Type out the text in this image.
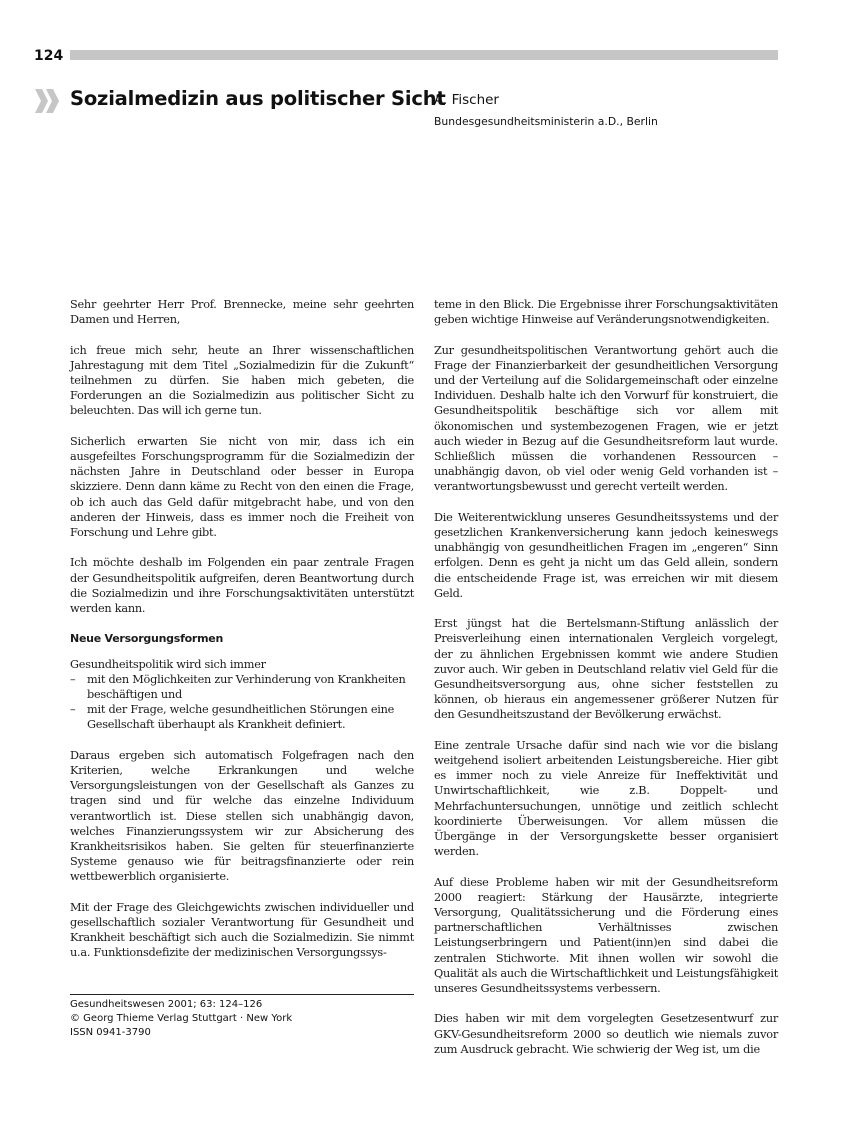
124
Sozialmedizin aus politischer Sicht
A. Fischer
Bundesgesundheitsministerin a.D., Berlin

Sehr geehrter Herr Prof. Brennecke, meine sehr geehrten Damen und Herren,

ich freue mich sehr, heute an Ihrer wissenschaftlichen Jahrestagung mit dem Titel „Sozialmedizin für die Zukunft“ teilnehmen zu dürfen. Sie haben mich gebeten, die Forderungen an die Sozialmedizin aus politischer Sicht zu beleuchten. Das will ich gerne tun.

Sicherlich erwarten Sie nicht von mir, dass ich ein ausgefeiltes Forschungsprogramm für die Sozialmedizin der nächsten Jahre in Deutschland oder besser in Europa skizziere. Denn dann käme zu Recht von den einen die Frage, ob ich auch das Geld dafür mitgebracht habe, und von den anderen der Hinweis, dass es immer noch die Freiheit von Forschung und Lehre gibt.

Ich möchte deshalb im Folgenden ein paar zentrale Fragen der Gesundheitspolitik aufgreifen, deren Beantwortung durch die Sozialmedizin und ihre Forschungsaktivitäten unterstützt werden kann.

Neue Versorgungsformen
Gesundheitspolitik wird sich immer
– mit den Möglichkeiten zur Verhinderung von Krankheiten beschäftigen und
– mit der Frage, welche gesundheitlichen Störungen eine Gesellschaft überhaupt als Krankheit definiert.

Daraus ergeben sich automatisch Folgefragen nach den Kriterien, welche Erkrankungen und welche Versorgungsleistungen von der Gesellschaft als Ganzes zu tragen sind und für welche das einzelne Individuum verantwortlich ist. Diese stellen sich unabhängig davon, welches Finanzierungssystem wir zur Absicherung des Krankheitsrisikos haben. Sie gelten für steuerfinanzierte Systeme genauso wie für beitragsfinanzierte oder rein wettbewerblich organisierte.

Mit der Frage des Gleichgewichts zwischen individueller und gesellschaftlich sozialer Verantwortung für Gesundheit und Krankheit beschäftigt sich auch die Sozialmedizin. Sie nimmt u.a. Funktionsdefizite der medizinischen Versorgungssys-

teme in den Blick. Die Ergebnisse ihrer Forschungsaktivitäten geben wichtige Hinweise auf Veränderungsnotwendigkeiten.

Zur gesundheitspolitischen Verantwortung gehört auch die Frage der Finanzierbarkeit der gesundheitlichen Versorgung und der Verteilung auf die Solidargemeinschaft oder einzelne Individuen. Deshalb halte ich den Vorwurf für konstruiert, die Gesundheitspolitik beschäftige sich vor allem mit ökonomischen und systembezogenen Fragen, wie er jetzt auch wieder in Bezug auf die Gesundheitsreform laut wurde. Schließlich müssen die vorhandenen Ressourcen – unabhängig davon, ob viel oder wenig Geld vorhanden ist – verantwortungsbewusst und gerecht verteilt werden.

Die Weiterentwicklung unseres Gesundheitssystems und der gesetzlichen Krankenversicherung kann jedoch keineswegs unabhängig von gesundheitlichen Fragen im „engeren“ Sinn erfolgen. Denn es geht ja nicht um das Geld allein, sondern die entscheidende Frage ist, was erreichen wir mit diesem Geld.

Erst jüngst hat die Bertelsmann-Stiftung anlässlich der Preisverleihung einen internationalen Vergleich vorgelegt, der zu ähnlichen Ergebnissen kommt wie andere Studien zuvor auch. Wir geben in Deutschland relativ viel Geld für die Gesundheitsversorgung aus, ohne sicher feststellen zu können, ob hieraus ein angemessener größerer Nutzen für den Gesundheitszustand der Bevölkerung erwächst.

Eine zentrale Ursache dafür sind nach wie vor die bislang weitgehend isoliert arbeitenden Leistungsbereiche. Hier gibt es immer noch zu viele Anreize für Ineffektivität und Unwirtschaftlichkeit, wie z.B. Doppelt- und Mehrfachuntersuchungen, unnötige und zeitlich schlecht koordinierte Überweisungen. Vor allem müssen die Übergänge in der Versorgungskette besser organisiert werden.

Auf diese Probleme haben wir mit der Gesundheitsreform 2000 reagiert: Stärkung der Hausärzte, integrierte Versorgung, Qualitätssicherung und die Förderung eines partnerschaftlichen Verhältnisses zwischen Leistungserbringern und Patient(inn)en sind dabei die zentralen Stichworte. Mit ihnen wollen wir sowohl die Qualität als auch die Wirtschaftlichkeit und Leistungsfähigkeit unseres Gesundheitssystems verbessern.

Dies haben wir mit dem vorgelegten Gesetzesentwurf zur GKV-Gesundheitsreform 2000 so deutlich wie niemals zuvor zum Ausdruck gebracht. Wie schwierig der Weg ist, um die

Gesundheitswesen 2001; 63: 124–126
© Georg Thieme Verlag Stuttgart · New York
ISSN 0941-3790
